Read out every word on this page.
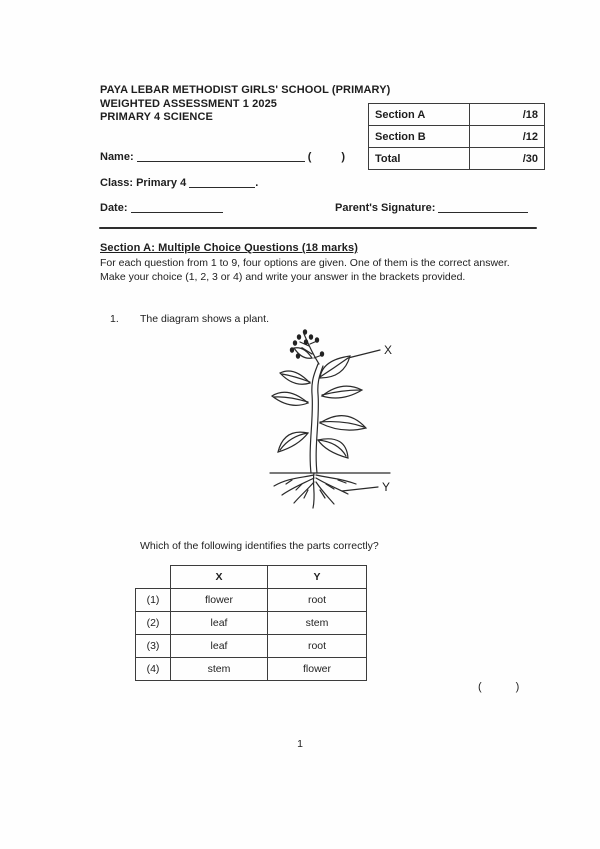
PAYA LEBAR METHODIST GIRLS' SCHOOL (PRIMARY)
WEIGHTED ASSESSMENT 1 2025
PRIMARY 4 SCIENCE	Section A	/18
Section B	/12
Total	/30
Name:	(	)
Class: Primary 4	.
Date:	Parent's Signature:
Section A: Multiple Choice Questions (18 marks)
For each question from 1 to 9, four options are given. One of them is the correct answer.
Make your choice (1, 2, 3 or 4) and write your answer in the brackets provided.
1. The diagram shows a plant.
X
Y
Which of the following identifies the parts correctly?
	X	Y
(1)	flower	root
(2)	leaf	stem
(3)	leaf	root
(4)	stem	flower
(	)
1
